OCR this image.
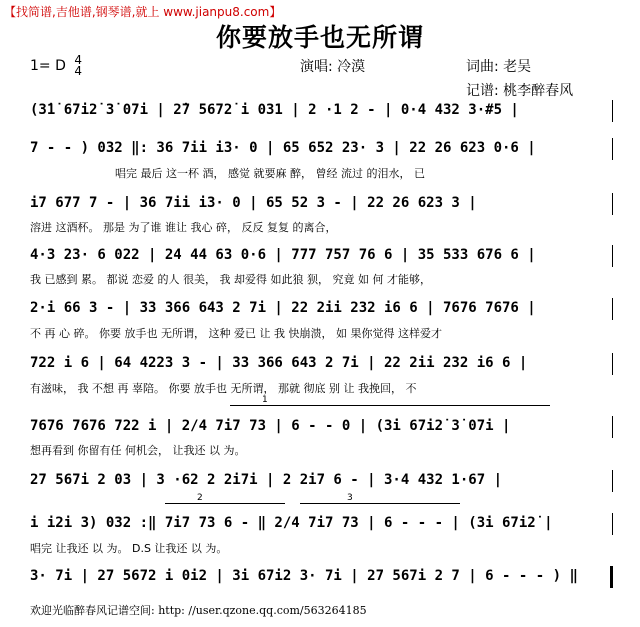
【找简谱,吉他谱,钢琴谱,就上 www.jianpu8.com】
你要放手也无所谓
1= D 4
4	演唱: 冷漠	词曲: 老吴
记谱: 桃李醉春风
(3̇1̇ 67i2̇ 3̇ 07i | 2̇7 5672̇ i 031 | 2 ·1 2 - | 0·4 432 3·#5 |
7 - - ) 032 ‖: 36 7ii i3· 0 | 65 652 23· 3 | 22 26 623 0·6 |
唱完 最后 这一杯 酒， 感觉 就要麻 醉， 曾经 流过 的泪水， 已
i7 677 7 - | 36 7ii i3· 0 | 65 52 3 - | 22 26 623 3 |
溶进 这酒杯。 那是 为了谁 谁让 我心 碎， 反反 复复 的离合，
4·3 23· 6 022 | 24 44 63 0·6 | 777 757 76 6 | 35 533 676 6 |
我 已感到 累。 都说 恋爱 的人 很美， 我 却爱得 如此狼 狈， 究竟 如 何 才能够，
2·i 66 3 - | 33 366 643 2 7i | 22 2ii 232 i6 6 | 7676 7676 |
不 再 心 碎。 你要 放手也 无所谓， 这种 爱已 让 我 快崩溃， 如 果你觉得 这样爱才
722 i 6 | 64 4223 3 - | 33 366 643 2 7i | 22 2ii 232 i6 6 |
有滋味， 我 不想 再 辜陪。 你要 放手也 无所谓， 那就 彻底 别 让 我挽回， 不
7676 7676 722 i | 2/4 7i7 73 | 6 - - 0 | (3̇i 67i2̇ 3̇ 07i |
想再看到 你留有任 何机会， 让我还 以 为。
27 567i 2 03 | 3 ·62 2 2i7i | 2 2i7 6 - | 3·4 432 1·67 |
i i2i 3) 032 :‖ 7i7 73 6 - ‖ 2/4 7i7 73 | 6 - - - | (3̇i 67i2̇ |
唱完 让我还 以 为。 D.S 让我还 以 为。
3· 7i | 27 5672 i 0i2 | 3̇i 67i2 3· 7i | 27 567i 2 7 | 6 - - - ) ‖
1
2	3
欢迎光临醉春风记谱空间: http: //user.qzone.qq.com/563264185
